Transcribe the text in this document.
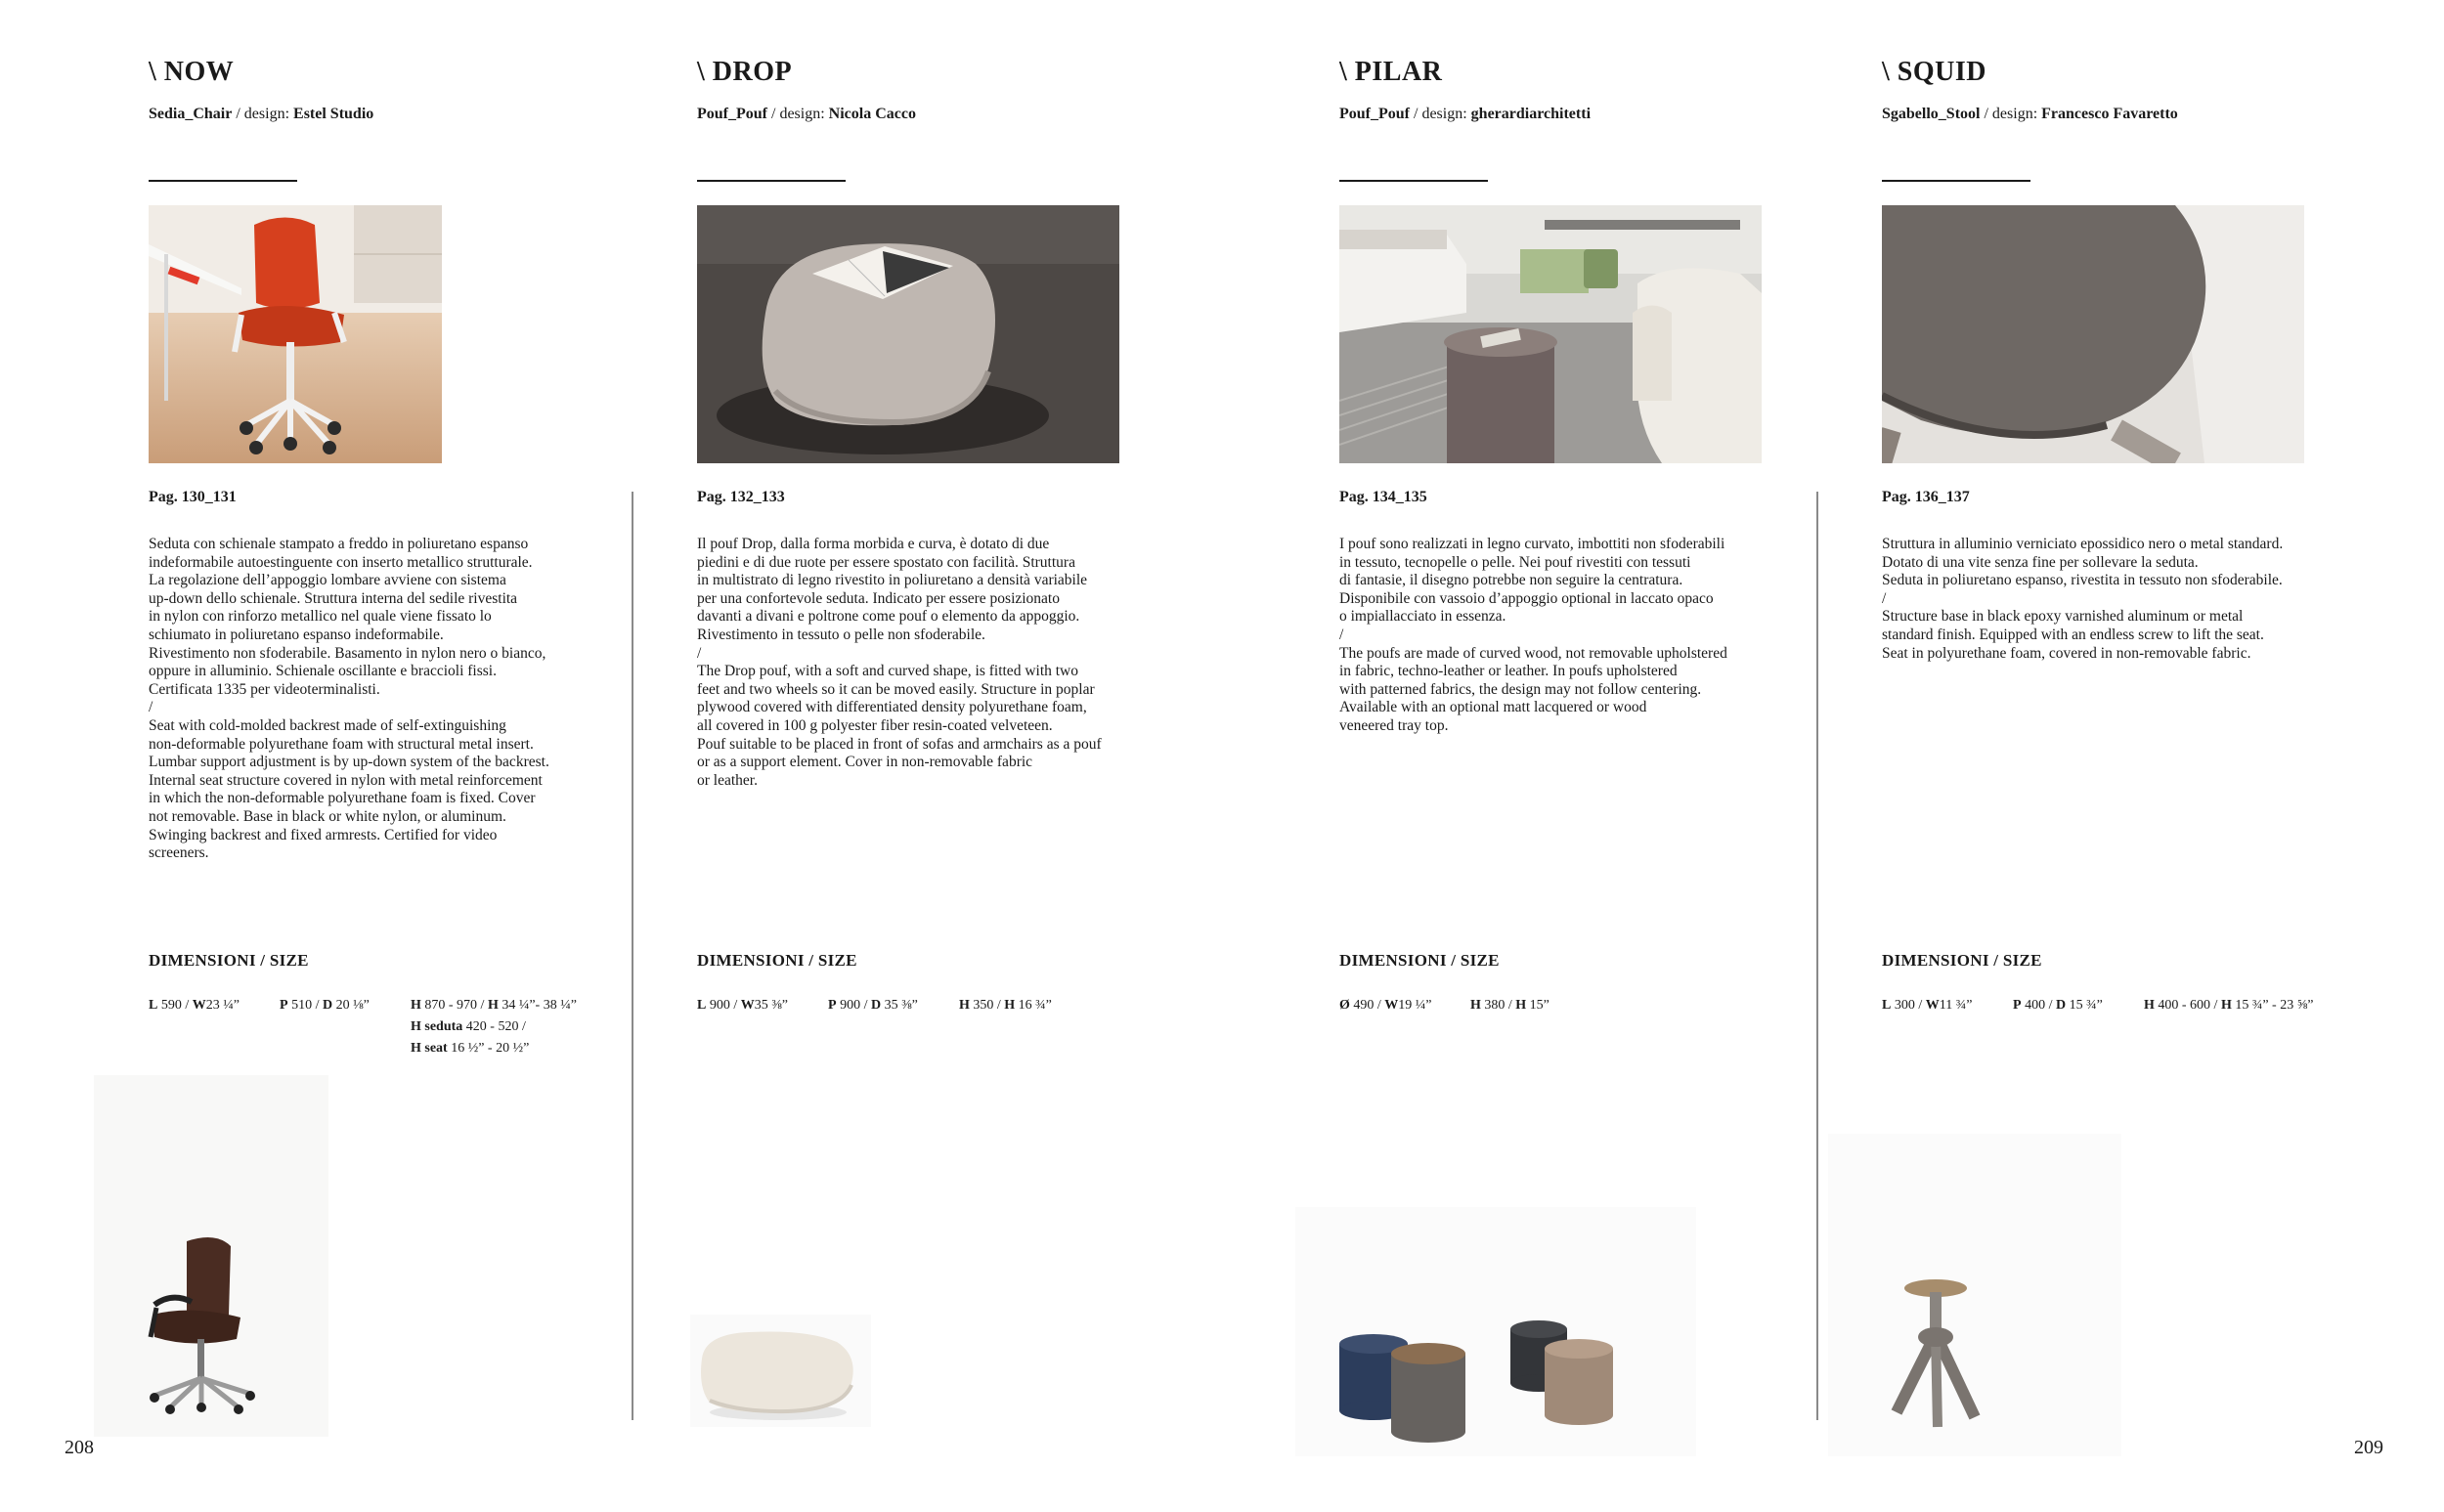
\ NOW
Sedia_Chair / design: Estel Studio
Pag. 130_131
Seduta con schienale stampato a freddo in poliuretano espanso
indeformabile autoestinguente con inserto metallico strutturale.
La regolazione dell’appoggio lombare avviene con sistema
up-down dello schienale. Struttura interna del sedile rivestita
in nylon con rinforzo metallico nel quale viene fissato lo
schiumato in poliuretano espanso indeformabile.
Rivestimento non sfoderabile. Basamento in nylon nero o bianco,
oppure in alluminio. Schienale oscillante e braccioli fissi.
Certificata 1335 per videoterminalisti.
/
Seat with cold-molded backrest made of self-extinguishing
non-deformable polyurethane foam with structural metal insert.
Lumbar support adjustment is by up-down system of the backrest.
Internal seat structure covered in nylon with metal reinforcement
in which the non-deformable polyurethane foam is fixed. Cover
not removable. Base in black or white nylon, or aluminum.
Swinging backrest and fixed armrests. Certified for video
screeners.
DIMENSIONI / SIZE
L 590 / W23 ¼”	P 510 / D 20 ⅛”	H 870 - 970 / H 34 ¼”- 38 ¼”
H seduta 420 - 520 /
H seat 16 ½” - 20 ½”
\ DROP
Pouf_Pouf / design: Nicola Cacco
Pag. 132_133
Il pouf Drop, dalla forma morbida e curva, è dotato di due
piedini e di due ruote per essere spostato con facilità. Struttura
in multistrato di legno rivestito in poliuretano a densità variabile
per una confortevole seduta. Indicato per essere posizionato
davanti a divani e poltrone come pouf o elemento da appoggio.
Rivestimento in tessuto o pelle non sfoderabile.
/
The Drop pouf, with a soft and curved shape, is fitted with two
feet and two wheels so it can be moved easily. Structure in poplar
plywood covered with differentiated density polyurethane foam,
all covered in 100 g polyester fiber resin-coated velveteen.
Pouf suitable to be placed in front of sofas and armchairs as a pouf
or as a support element. Cover in non-removable fabric
or leather.
DIMENSIONI / SIZE
L 900 / W35 ⅜”	P 900 / D 35 ⅜”	H 350 / H 16 ¾”
\ PILAR
Pouf_Pouf / design: gherardiarchitetti
Pag. 134_135
I pouf sono realizzati in legno curvato, imbottiti non sfoderabili
in tessuto, tecnopelle o pelle. Nei pouf rivestiti con tessuti
di fantasie, il disegno potrebbe non seguire la centratura.
Disponibile con vassoio d’appoggio optional in laccato opaco
o impiallacciato in essenza.
/
The poufs are made of curved wood, not removable upholstered
in fabric, techno-leather or leather. In poufs upholstered
with patterned fabrics, the design may not follow centering.
Available with an optional matt lacquered or wood
veneered tray top.
DIMENSIONI / SIZE
Ø 490 / W19 ¼”	H 380 / H 15”
\ SQUID
Sgabello_Stool / design: Francesco Favaretto
Pag. 136_137
Struttura in alluminio verniciato epossidico nero o metal standard.
Dotato di una vite senza fine per sollevare la seduta.
Seduta in poliuretano espanso, rivestita in tessuto non sfoderabile.
/
Structure base in black epoxy varnished aluminum or metal
standard finish. Equipped with an endless screw to lift the seat.
Seat in polyurethane foam, covered in non-removable fabric.
DIMENSIONI / SIZE
L 300 / W11 ¾”	P 400 / D 15 ¾”	H 400 - 600 / H 15 ¾” - 23 ⅝”
208	209
